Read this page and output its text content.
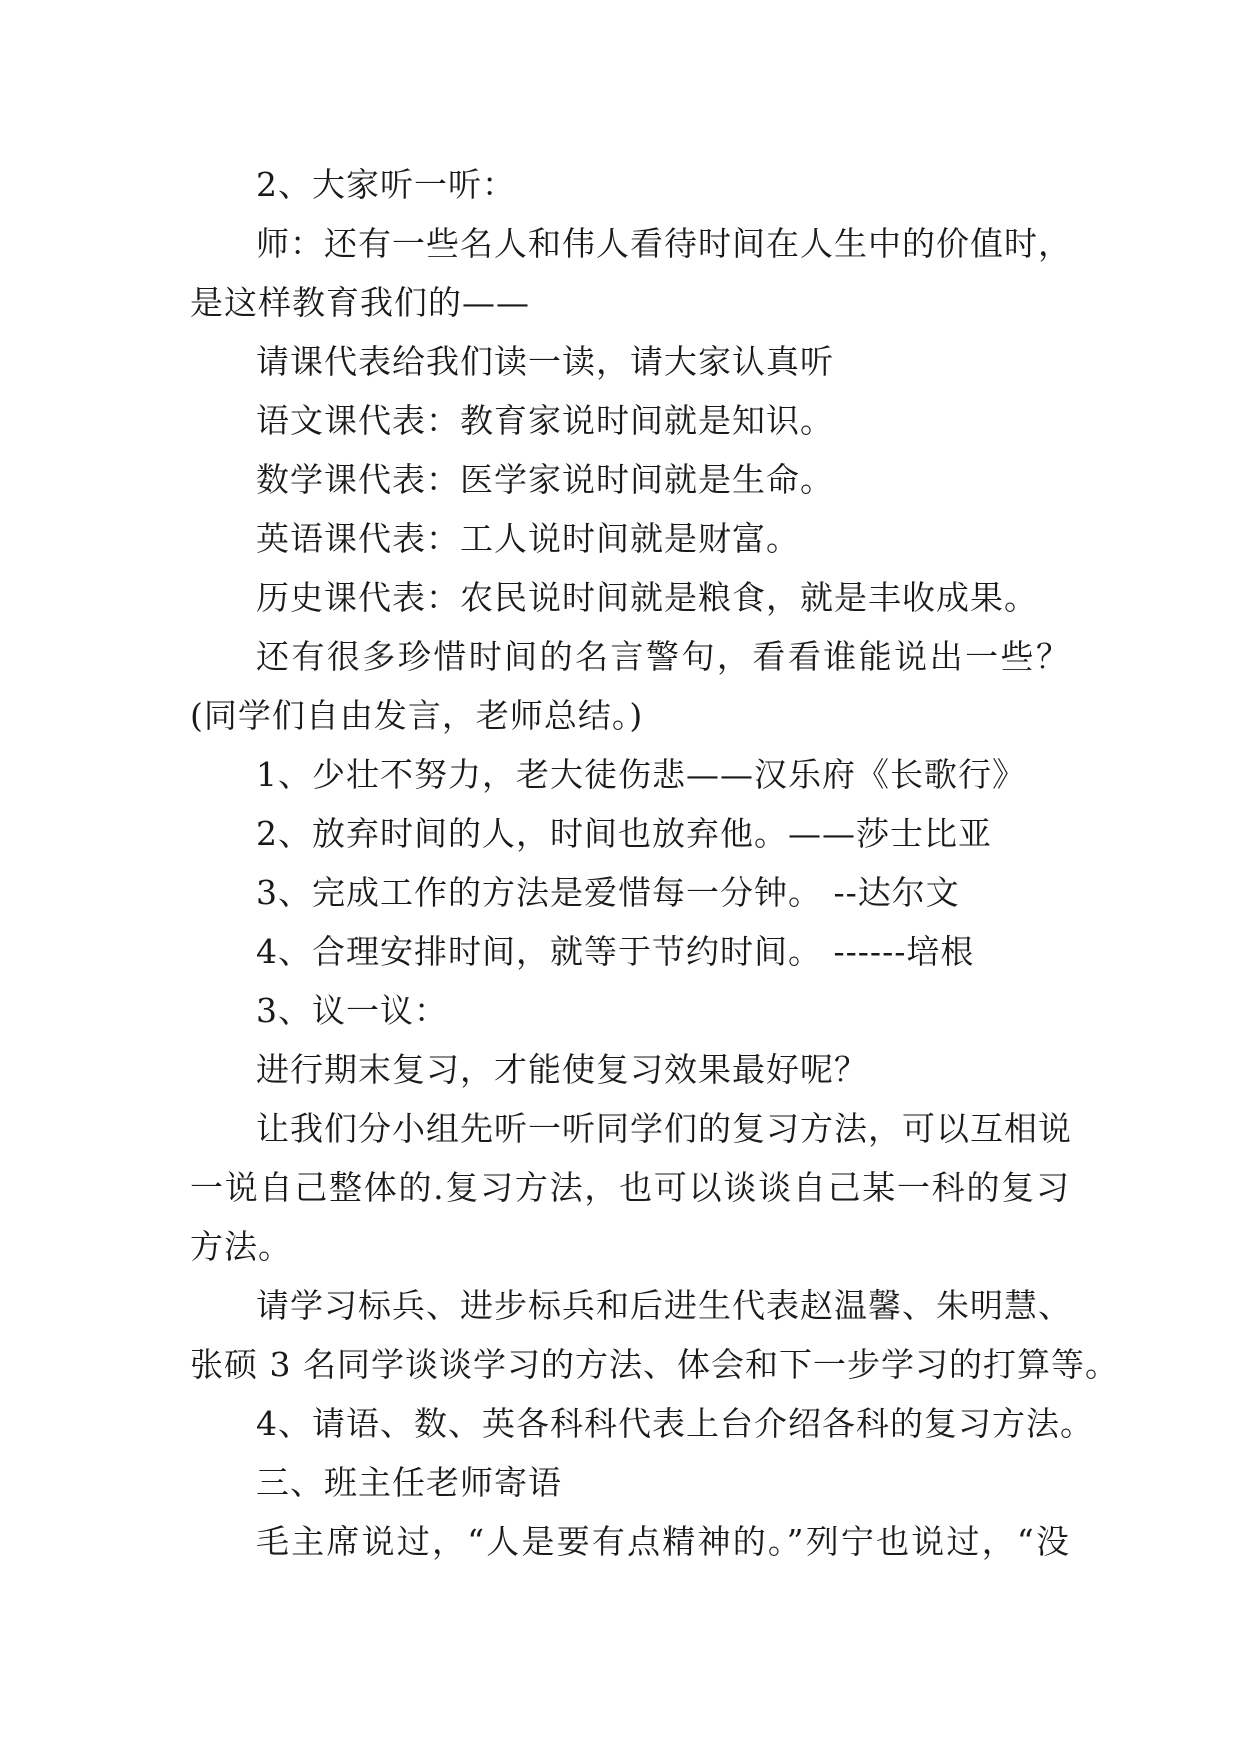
2、大家听一听：

师：还有一些名人和伟人看待时间在人生中的价值时，

是这样教育我们的——

请课代表给我们读一读，请大家认真听

语文课代表：教育家说时间就是知识。

数学课代表：医学家说时间就是生命。

英语课代表：工人说时间就是财富。

历史课代表：农民说时间就是粮食，就是丰收成果。

还有很多珍惜时间的名言警句，看看谁能说出一些？

(同学们自由发言，老师总结。)

1、少壮不努力，老大徒伤悲——汉乐府《长歌行》

2、放弃时间的人，时间也放弃他。——莎士比亚

3、完成工作的方法是爱惜每一分钟。 --达尔文

4、合理安排时间，就等于节约时间。 ------培根

3、议一议：

进行期末复习，才能使复习效果最好呢？

让我们分小组先听一听同学们的复习方法，可以互相说

一说自己整体的.复习方法，也可以谈谈自己某一科的复习

方法。

请学习标兵、进步标兵和后进生代表赵温馨、朱明慧、

张硕 3 名同学谈谈学习的方法、体会和下一步学习的打算等。

4、请语、数、英各科科代表上台介绍各科的复习方法。

三、班主任老师寄语

毛主席说过，“人是要有点精神的。”列宁也说过，“没
